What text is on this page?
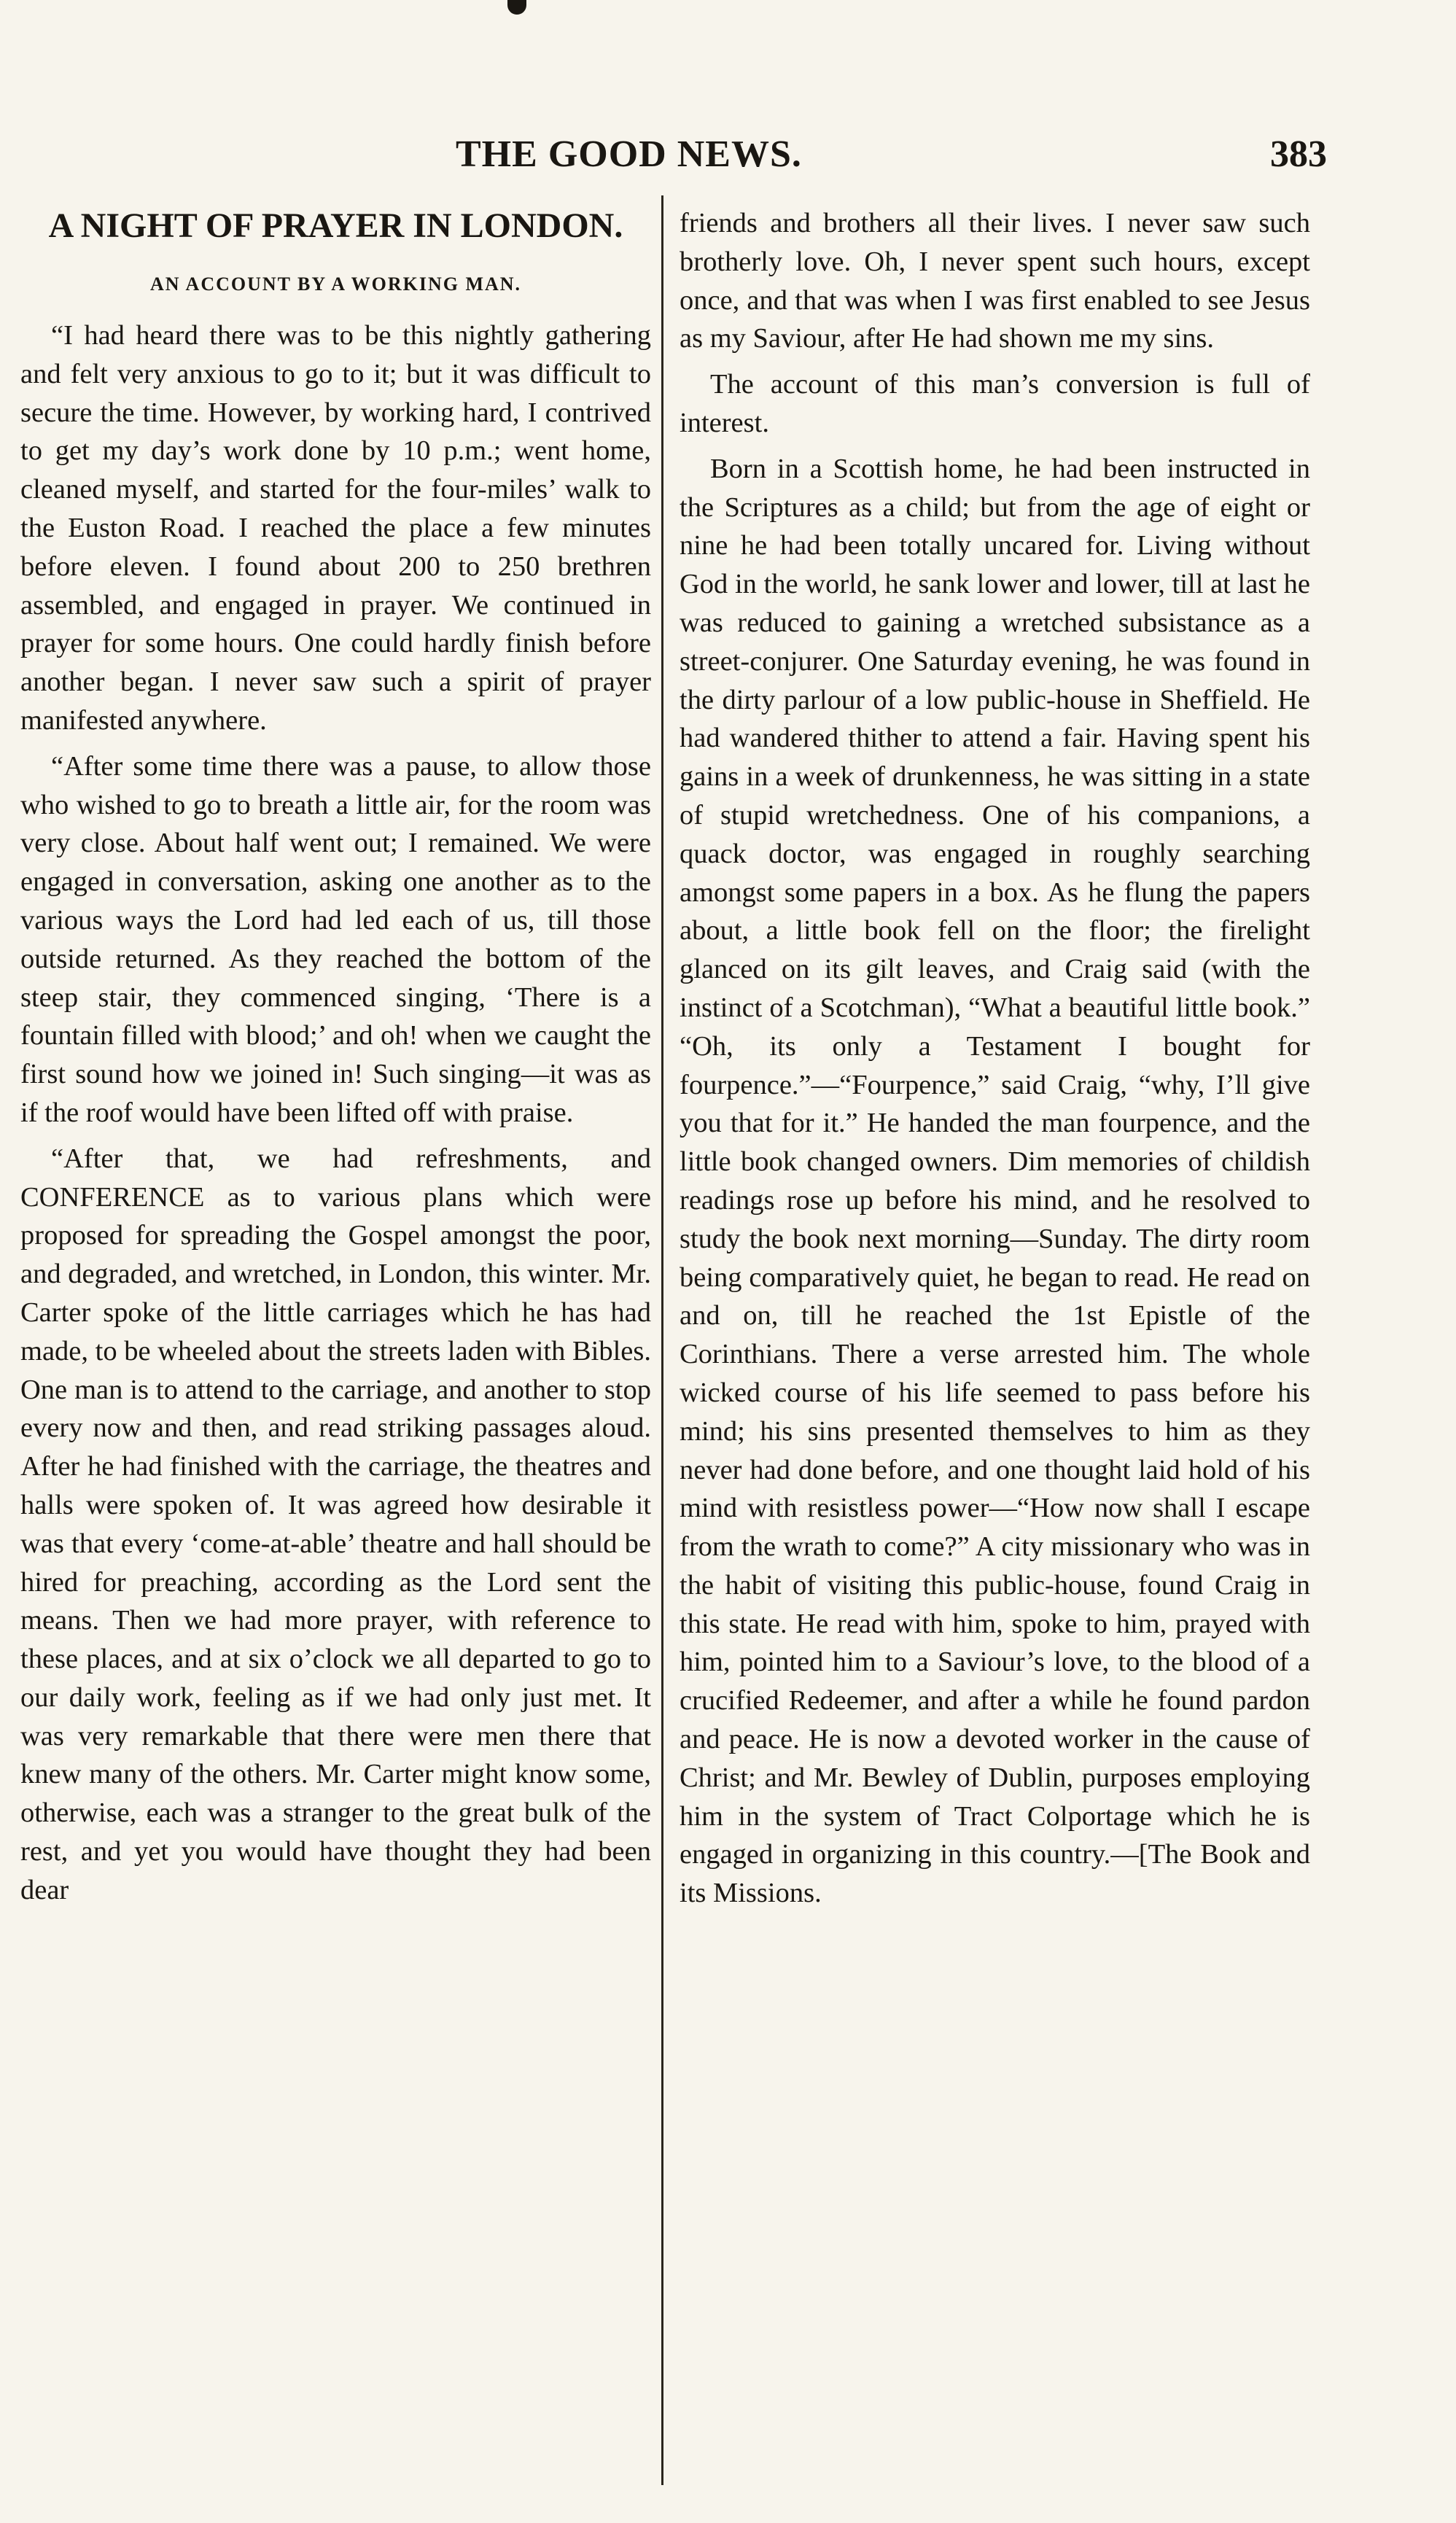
THE GOOD NEWS.	383
A NIGHT OF PRAYER IN LONDON.
AN ACCOUNT BY A WORKING MAN.

“I had heard there was to be this nightly gathering and felt very anxious to go to it; but it was difficult to secure the time. However, by working hard, I contrived to get my day’s work done by 10 p.m.; went home, cleaned myself, and started for the four-miles’ walk to the Euston Road. I reached the place a few minutes before eleven. I found about 200 to 250 brethren assembled, and engaged in prayer. We continued in prayer for some hours. One could hardly finish before another began. I never saw such a spirit of prayer manifested anywhere.

“After some time there was a pause, to allow those who wished to go to breath a little air, for the room was very close. About half went out; I remained. We were engaged in conversation, asking one another as to the various ways the Lord had led each of us, till those outside returned. As they reached the bottom of the steep stair, they commenced singing, ‘There is a fountain filled with blood;’ and oh! when we caught the first sound how we joined in! Such singing—it was as if the roof would have been lifted off with praise.

“After that, we had refreshments, and CONFERENCE as to various plans which were proposed for spreading the Gospel amongst the poor, and degraded, and wretched, in London, this winter. Mr. Carter spoke of the little carriages which he has had made, to be wheeled about the streets laden with Bibles. One man is to attend to the carriage, and another to stop every now and then, and read striking passages aloud. After he had finished with the carriage, the theatres and halls were spoken of. It was agreed how desirable it was that every ‘come-at-able’ theatre and hall should be hired for preaching, according as the Lord sent the means. Then we had more prayer, with reference to these places, and at six o’clock we all departed to go to our daily work, feeling as if we had only just met. It was very remarkable that there were men there that knew many of the others. Mr. Carter might know some, otherwise, each was a stranger to the great bulk of the rest, and yet you would have thought they had been dear

friends and brothers all their lives. I never saw such brotherly love. Oh, I never spent such hours, except once, and that was when I was first enabled to see Jesus as my Saviour, after He had shown me my sins.

The account of this man’s conversion is full of interest.

Born in a Scottish home, he had been instructed in the Scriptures as a child; but from the age of eight or nine he had been totally uncared for. Living without God in the world, he sank lower and lower, till at last he was reduced to gaining a wretched subsistance as a street-conjurer. One Saturday evening, he was found in the dirty parlour of a low public-house in Sheffield. He had wandered thither to attend a fair. Having spent his gains in a week of drunkenness, he was sitting in a state of stupid wretchedness. One of his companions, a quack doctor, was engaged in roughly searching amongst some papers in a box. As he flung the papers about, a little book fell on the floor; the firelight glanced on its gilt leaves, and Craig said (with the instinct of a Scotchman), “What a beautiful little book.” “Oh, its only a Testament I bought for fourpence.”—“Fourpence,” said Craig, “why, I’ll give you that for it.” He handed the man fourpence, and the little book changed owners. Dim memories of childish readings rose up before his mind, and he resolved to study the book next morning—Sunday. The dirty room being comparatively quiet, he began to read. He read on and on, till he reached the 1st Epistle of the Corinthians. There a verse arrested him. The whole wicked course of his life seemed to pass before his mind; his sins presented themselves to him as they never had done before, and one thought laid hold of his mind with resistless power—“How now shall I escape from the wrath to come?” A city missionary who was in the habit of visiting this public-house, found Craig in this state. He read with him, spoke to him, prayed with him, pointed him to a Saviour’s love, to the blood of a crucified Redeemer, and after a while he found pardon and peace. He is now a devoted worker in the cause of Christ; and Mr. Bewley of Dublin, purposes employing him in the system of Tract Colportage which he is engaged in organizing in this country.—[The Book and its Missions.
